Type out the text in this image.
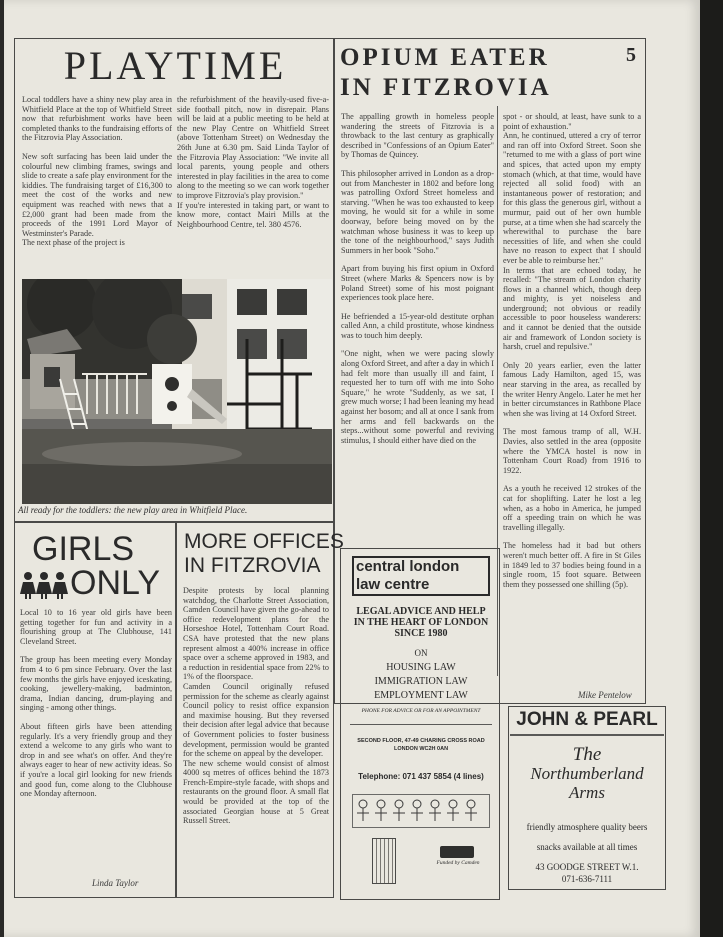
PLAYTIME

Local toddlers have a shiny new play area in Whitfield Place at the top of Whitfield Street now that refurbishment works have been completed thanks to the fundraising efforts of the Fitzrovia Play Association.

New soft surfacing has been laid under the colourful new climbing frames, swings and slide to create a safe play environment for the kiddies. The fundraising target of £16,300 to meet the cost of the works and new equipment was reached with news that a £2,000 grant had been made from the proceeds of the 1991 Lord Mayor of Westminster's Parade.

The next phase of the project is

the refurbishment of the heavily-used five-a-side football pitch, now in disrepair. Plans will be laid at a public meeting to be held at the new Play Centre on Whitfield Street (above Tottenham Street) on Wednesday the 26th June at 6.30 pm. Said Linda Taylor of the Fitzrovia Play Association: "We invite all local parents, young people and others interested in play facilities in the area to come along to the meeting so we can work together to improve Fitzrovia's play provision."

If you're interested in taking part, or want to know more, contact Mairi Mills at the Neighbourhood Centre, tel. 380 4576.

All ready for the toddlers: the new play area in Whitfield Place.
OPIUM EATER
IN FITZROVIA
5

The appalling growth in homeless people wandering the streets of Fitzrovia is a throwback to the last century as graphically described in "Confessions of an Opium Eater" by Thomas de Quincey.

This philosopher arrived in London as a drop-out from Manchester in 1802 and before long was patrolling Oxford Street homeless and starving. "When he was too exhausted to keep moving, he would sit for a while in some doorway, before being moved on by the watchman whose business it was to keep up the tone of the neighbourhood," says Judith Summers in her book "Soho."

Apart from buying his first opium in Oxford Street (where Marks & Spencers now is by Poland Street) some of his most poignant experiences took place here.

He befriended a 15-year-old destitute orphan called Ann, a child prostitute, whose kindness was to touch him deeply.

"One night, when we were pacing slowly along Oxford Street, and after a day in which I had felt more than usually ill and faint, I requested her to turn off with me into Soho Square," he wrote "Suddenly, as we sat, I grew much worse; I had been leaning my head against her bosom; and all at once I sank from her arms and fell backwards on the steps...without some powerful and reviving stimulus, I should either have died on the

spot - or should, at least, have sunk to a point of exhaustion."

Ann, he continued, uttered a cry of terror and ran off into Oxford Street. Soon she "returned to me with a glass of port wine and spices, that acted upon my empty stomach (which, at that time, would have rejected all solid food) with an instantaneous power of restoration; and for this glass the generous girl, without a murmur, paid out of her own humble purse, at a time when she had scarcely the wherewithal to purchase the bare necessities of life, and when she could have no reason to expect that I should ever be able to reimburse her."

In terms that are echoed today, he recalled: "The stream of London charity flows in a channel which, though deep and mighty, is yet noiseless and underground; not obvious or readily accessible to poor houseless wanderers: and it cannot be denied that the outside air and framework of London society is harsh, cruel and repulsive."

Only 20 years earlier, even the latter famous Lady Hamilton, aged 15, was near starving in the area, as recalled by the writer Henry Angelo. Later he met her in better circumstances in Rathbone Place when she was living at 14 Oxford Street.

The most famous tramp of all, W.H. Davies, also settled in the area (opposite where the YMCA hostel is now in Tottenham Court Road) from 1916 to 1922.

As a youth he received 12 strokes of the cat for shoplifting. Later he lost a leg when, as a hobo in America, he jumped off a speeding train on which he was travelling illegally.

The homeless had it bad but others weren't much better off. A fire in St Giles in 1849 led to 37 bodies being found in a single room, 15 foot square. Between them they possessed one shilling (5p).

Mike Pentelow
GIRLS
ONLY

Local 10 to 16 year old girls have been getting together for fun and activity in a flourishing group at The Clubhouse, 141 Cleveland Street.

The group has been meeting every Monday from 4 to 6 pm since February. Over the last few months the girls have enjoyed iceskating, cooking, jewellery-making, badminton, drama, Indian dancing, drum-playing and singing - among other things.

About fifteen girls have been attending regularly. It's a very friendly group and they extend a welcome to any girls who want to drop in and see what's on offer. And they're always eager to hear of new activity ideas. So if you're a local girl looking for new friends and good fun, come along to the Clubhouse one Monday afternoon.

Linda Taylor
MORE OFFICES
IN FITZROVIA

Despite protests by local planning watchdog, the Charlotte Street Association, Camden Council have given the go-ahead to office redevelopment plans for the Horseshoe Hotel, Tottenham Court Road. CSA have protested that the new plans represent almost a 400% increase in office space over a scheme approved in 1983, and a reduction in residential space from 22% to 1% of the floorspace.

Camden Council originally refused permission for the scheme as clearly against Council policy to resist office expansion and maximise housing. But they reversed their decision after legal advice that because of Government policies to foster business development, permission would be granted for the scheme on appeal by the developer.

The new scheme would consist of almost 4000 sq metres of offices behind the 1873 French-Empire-style facade, with shops and restaurants on the ground floor. A small flat would be provided at the top of the associated Georgian house at 5 Great Russell Street.

central london
law centre
LEGAL ADVICE AND HELP IN THE HEART OF LONDON SINCE 1980
ON
HOUSING LAW
IMMIGRATION LAW
EMPLOYMENT LAW
PHONE FOR ADVICE OR FOR AN APPOINTMENT
SECOND FLOOR, 47-49 CHARING CROSS ROAD
LONDON WC2H 0AN
Telephone: 071 437 5854 (4 lines)
Funded by Camden
JOHN & PEARL
The
Northumberland
Arms
friendly atmosphere quality beers
snacks available at all times
43 GOODGE STREET W.1.
071-636-7111
